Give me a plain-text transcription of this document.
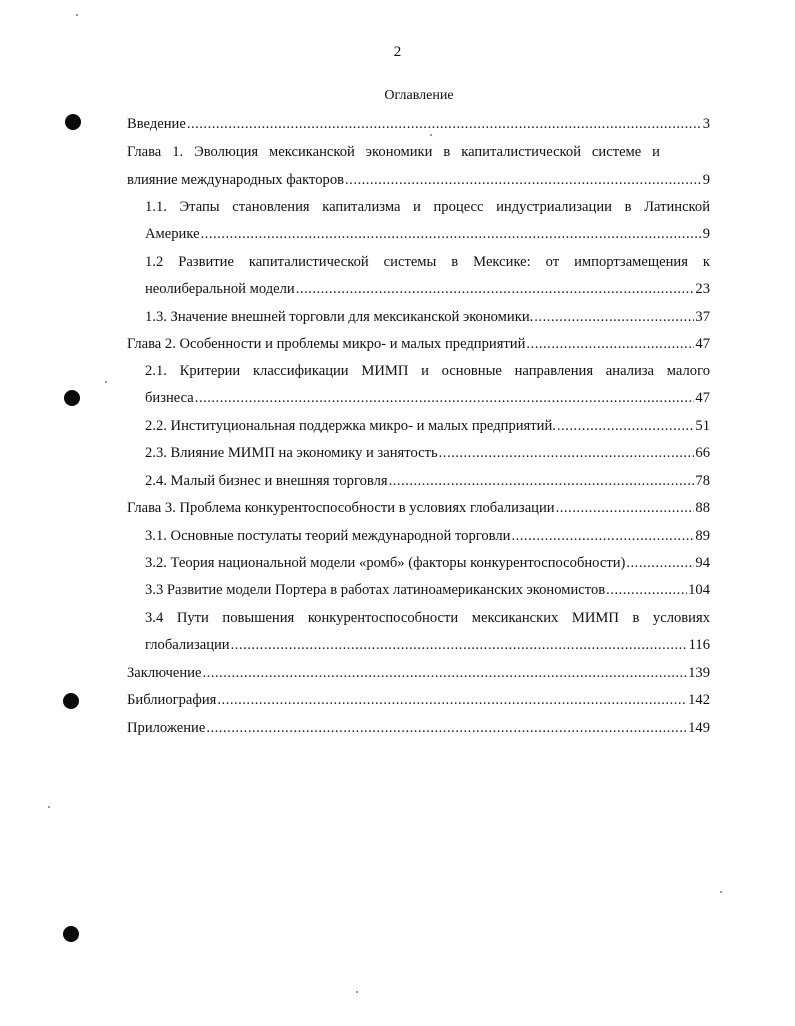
2
Оглавление
Введение .....	3
Глава 1. Эволюция мексиканской экономики в капиталистической системе и
влияние международных факторов .....	9
1.1. Этапы становления капитализма и процесс индустриализации в Латинской
Америке .....	9
1.2 Развитие капиталистической системы в Мексике: от импортзамещения к
неолиберальной модели .....	23
1.3. Значение внешней торговли для мексиканской экономики. .....	37
Глава 2. Особенности и проблемы микро- и малых предприятий .....	47
2.1. Критерии классификации МИМП и основные направления анализа малого
бизнеса .....	47
2.2. Институциональная поддержка микро- и малых предприятий. .....	51
2.3. Влияние МИМП на экономику и занятость .....	66
2.4. Малый бизнес и внешняя торговля .....	78
Глава 3. Проблема конкурентоспособности в условиях глобализации .....	88
3.1. Основные постулаты теорий международной торговли .....	89
3.2. Теория национальной модели «ромб» (факторы конкурентоспособности) .....	94
3.3 Развитие модели Портера в работах латиноамериканских экономистов .....	104
3.4 Пути повышения конкурентоспособности мексиканских МИМП в условиях
глобализации .....	116
Заключение .....	139
Библиография .....	142
Приложение .....	149
